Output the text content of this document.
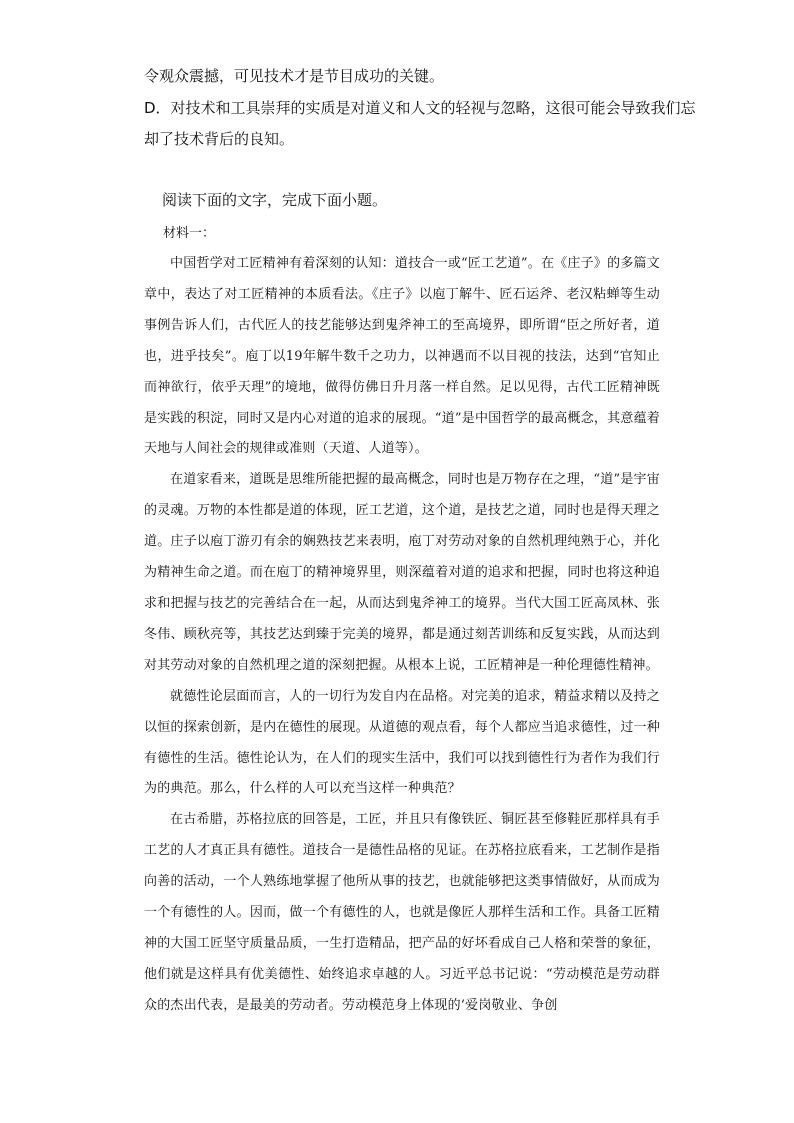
令观众震撼，可见技术才是节目成功的关键。
D．对技术和工具崇拜的实质是对道义和人文的轻视与忽略，这很可能会导致我们忘
却了技术背后的良知。
阅读下面的文字，完成下面小题。
材料一：

中国哲学对工匠精神有着深刻的认知：道技合一或“匠工艺道”。在《庄子》的多篇文章中，表达了对工匠精神的本质看法。《庄子》以庖丁解牛、匠石运斧、老汉粘蝉等生动事例告诉人们，古代匠人的技艺能够达到鬼斧神工的至高境界，即所谓“臣之所好者，道也，进乎技矣”。庖丁以19年解牛数千之功力，以神遇而不以目视的技法，达到“官知止而神欲行，依乎天理”的境地，做得仿佛日升月落一样自然。足以见得，古代工匠精神既是实践的积淀，同时又是内心对道的追求的展现。“道”是中国哲学的最高概念，其意蕴着天地与人间社会的规律或准则（天道、人道等）。

在道家看来，道既是思维所能把握的最高概念，同时也是万物存在之理，“道”是宇宙的灵魂。万物的本性都是道的体现，匠工艺道，这个道，是技艺之道，同时也是得天理之道。庄子以庖丁游刃有余的娴熟技艺来表明，庖丁对劳动对象的自然机理纯熟于心，并化为精神生命之道。而在庖丁的精神境界里，则深蕴着对道的追求和把握，同时也将这种追求和把握与技艺的完善结合在一起，从而达到鬼斧神工的境界。当代大国工匠高凤林、张冬伟、顾秋亮等，其技艺达到臻于完美的境界，都是通过刻苦训练和反复实践，从而达到对其劳动对象的自然机理之道的深刻把握。从根本上说，工匠精神是一种伦理德性精神。

就德性论层面而言，人的一切行为发自内在品格。对完美的追求，精益求精以及持之以恒的探索创新，是内在德性的展现。从道德的观点看，每个人都应当追求德性，过一种有德性的生活。德性论认为，在人们的现实生活中，我们可以找到德性行为者作为我们行为的典范。那么，什么样的人可以充当这样一种典范？

在古希腊，苏格拉底的回答是，工匠，并且只有像铁匠、铜匠甚至修鞋匠那样具有手工艺的人才真正具有德性。道技合一是德性品格的见证。在苏格拉底看来，工艺制作是指向善的活动，一个人熟练地掌握了他所从事的技艺，也就能够把这类事情做好，从而成为一个有德性的人。因而，做一个有德性的人，也就是像匠人那样生活和工作。具备工匠精神的大国工匠坚守质量品质，一生打造精品，把产品的好坏看成自己人格和荣誉的象征，他们就是这样具有优美德性、始终追求卓越的人。习近平总书记说：“劳动模范是劳动群众的杰出代表，是最美的劳动者。劳动模范身上体现的‘爱岗敬业、争创
